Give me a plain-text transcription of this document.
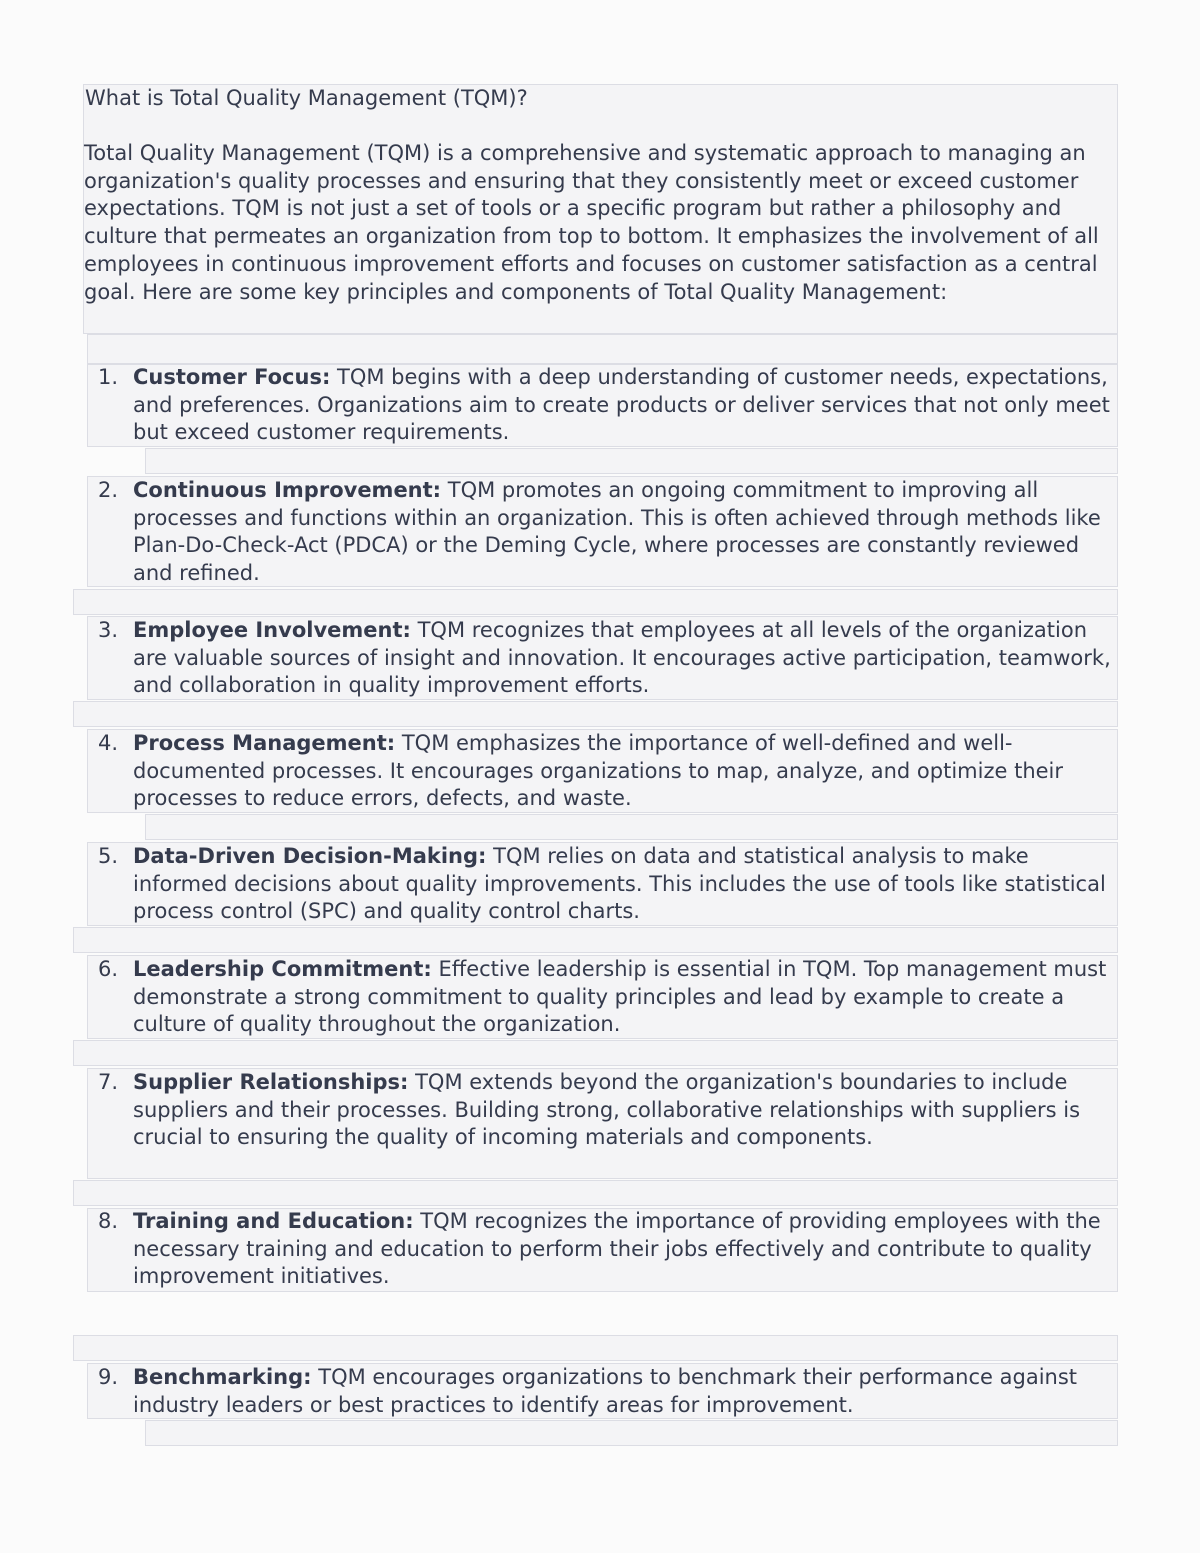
What is Total Quality Management (TQM)?
Total Quality Management (TQM) is a comprehensive and systematic approach to managing an organization's quality processes and ensuring that they consistently meet or exceed customer expectations. TQM is not just a set of tools or a specific program but rather a philosophy and culture that permeates an organization from top to bottom. It emphasizes the involvement of all employees in continuous improvement efforts and focuses on customer satisfaction as a central goal. Here are some key principles and components of Total Quality Management:
1. Customer Focus: TQM begins with a deep understanding of customer needs, expectations, and preferences. Organizations aim to create products or deliver services that not only meet but exceed customer requirements.
2. Continuous Improvement: TQM promotes an ongoing commitment to improving all processes and functions within an organization. This is often achieved through methods like Plan-Do-Check-Act (PDCA) or the Deming Cycle, where processes are constantly reviewed and refined.
3. Employee Involvement: TQM recognizes that employees at all levels of the organization are valuable sources of insight and innovation. It encourages active participation, teamwork, and collaboration in quality improvement efforts.
4. Process Management: TQM emphasizes the importance of well-defined and well-documented processes. It encourages organizations to map, analyze, and optimize their processes to reduce errors, defects, and waste.
5. Data-Driven Decision-Making: TQM relies on data and statistical analysis to make informed decisions about quality improvements. This includes the use of tools like statistical process control (SPC) and quality control charts.
6. Leadership Commitment: Effective leadership is essential in TQM. Top management must demonstrate a strong commitment to quality principles and lead by example to create a culture of quality throughout the organization.
7. Supplier Relationships: TQM extends beyond the organization's boundaries to include suppliers and their processes. Building strong, collaborative relationships with suppliers is crucial to ensuring the quality of incoming materials and components.
8. Training and Education: TQM recognizes the importance of providing employees with the necessary training and education to perform their jobs effectively and contribute to quality improvement initiatives.
9. Benchmarking: TQM encourages organizations to benchmark their performance against industry leaders or best practices to identify areas for improvement.
